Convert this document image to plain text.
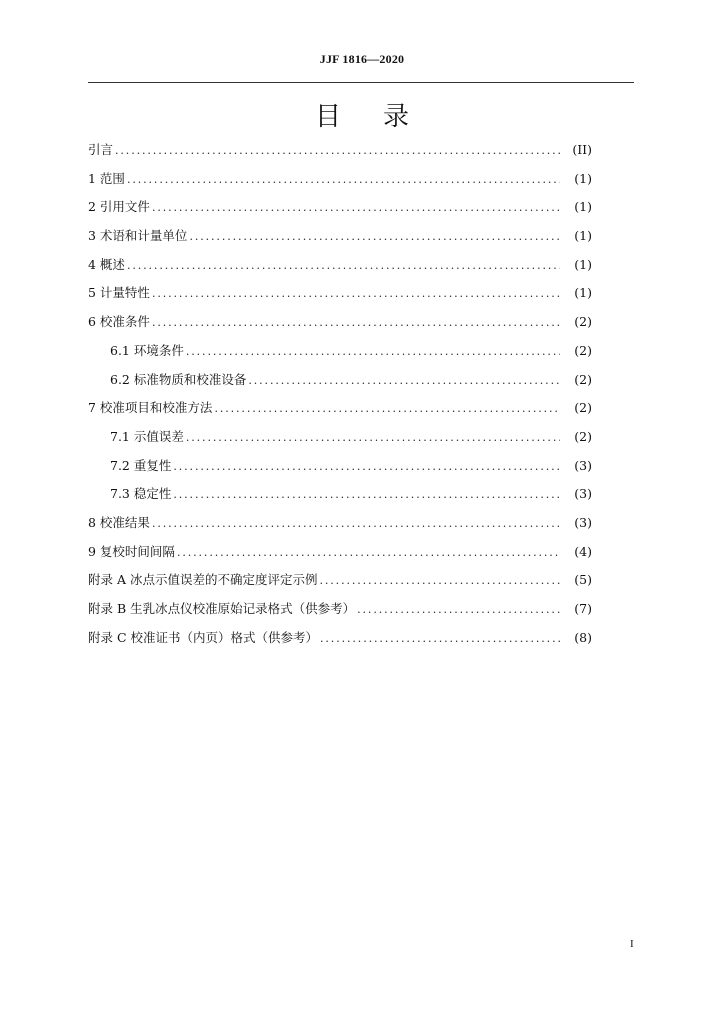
JJF 1816—2020
目 录
引言 .....	(II)
1 范围 .....	(1)
2 引用文件 .....	(1)
3 术语和计量单位 .....	(1)
4 概述 .....	(1)
5 计量特性 .....	(1)
6 校准条件 .....	(2)
6.1 环境条件 .....	(2)
6.2 标准物质和校准设备 .....	(2)
7 校准项目和校准方法 .....	(2)
7.1 示值误差 .....	(2)
7.2 重复性 .....	(3)
7.3 稳定性 .....	(3)
8 校准结果 .....	(3)
9 复校时间间隔 .....	(4)
附录 A 冰点示值误差的不确定度评定示例 .....	(5)
附录 B 生乳冰点仪校准原始记录格式（供参考） .....	(7)
附录 C 校准证书（内页）格式（供参考） .....	(8)
I
